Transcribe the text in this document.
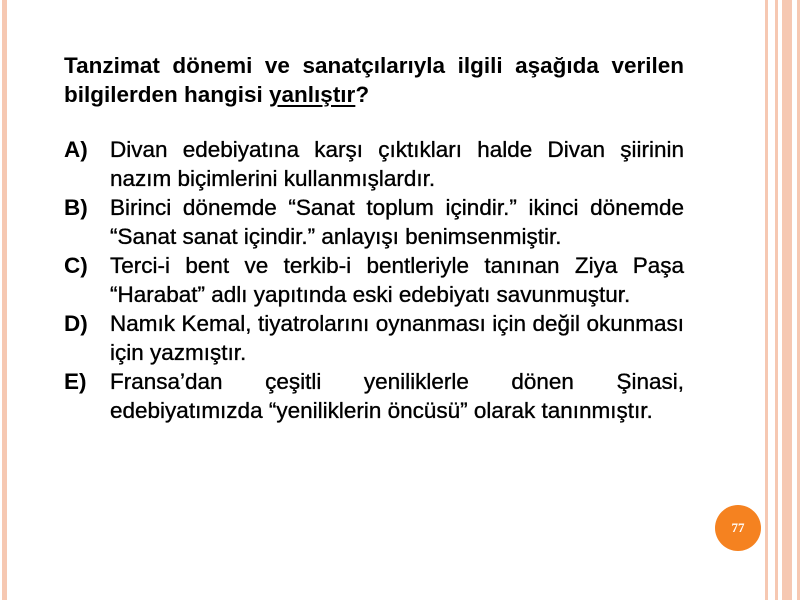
Tanzimat dönemi ve sanatçılarıyla ilgili aşağıda verilen bilgilerden hangisi yanlıştır?

A) Divan edebiyatına karşı çıktıkları halde Divan şiirinin nazım biçimlerini kullanmışlardır.
B) Birinci dönemde “Sanat toplum içindir.” ikinci dönemde “Sanat sanat içindir.” anlayışı benimsenmiştir.
C) Terci-i bent ve terkib-i bentleriyle tanınan Ziya Paşa “Harabat” adlı yapıtında eski edebiyatı savunmuştur.
D) Namık Kemal, tiyatrolarını oynanması için değil okunması için yazmıştır.
E)	Fransa’dan çeşitli yeniliklerle dönen Şinasi, edebiyatımızda “yeniliklerin öncüsü” olarak tanınmıştır.
77
